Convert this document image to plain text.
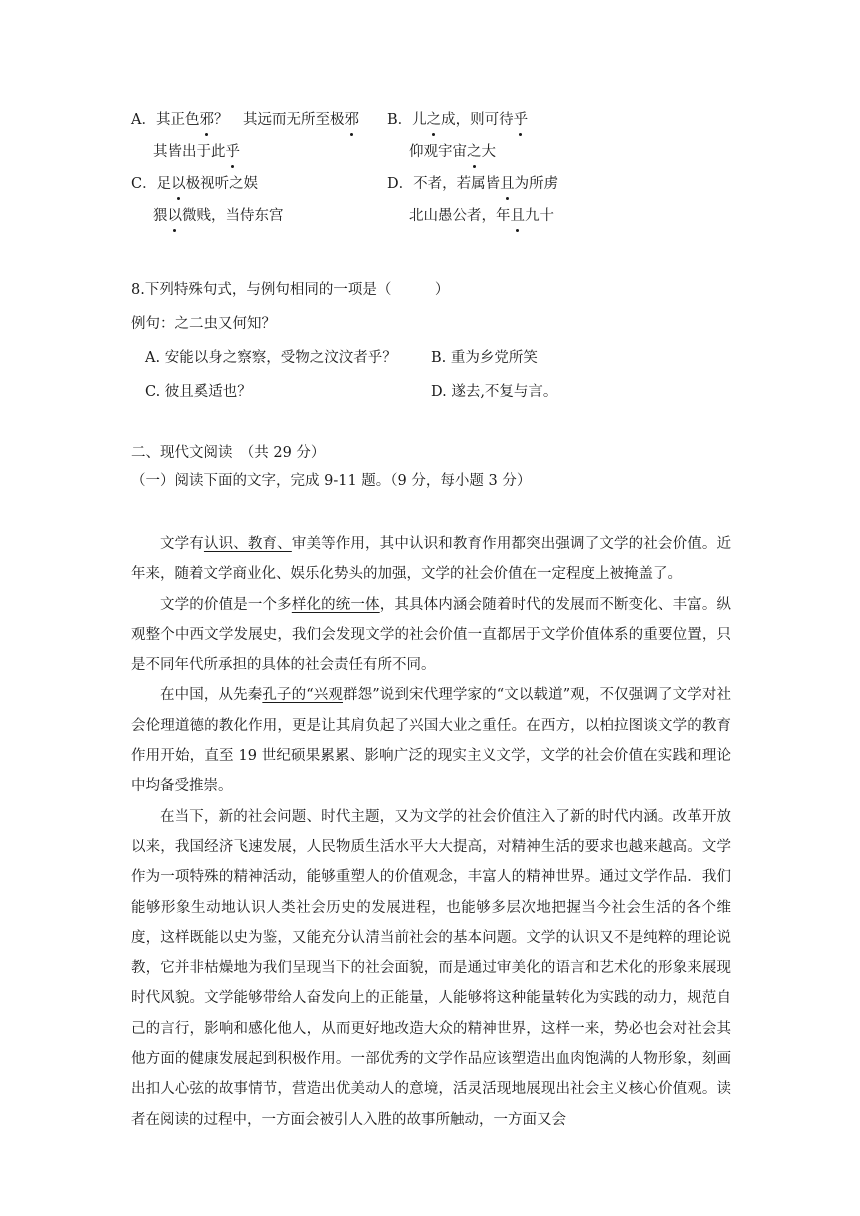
A．其正色邪？　其远而无所至极邪 B．儿之成，则可待乎
其皆出于此乎	仰观宇宙之大
C．足以极视听之娱	D．不者，若属皆且为所虏
猥以微贱，当侍东宫	北山愚公者，年且九十
8.下列特殊句式，与例句相同的一项是（　　　）
例句：之二虫又何知？
A. 安能以身之察察，受物之汶汶者乎？ B. 重为乡党所笑
C. 彼且奚适也？	D. 遂去,不复与言。
二、现代文阅读　（共 29 分）
（一）阅读下面的文字，完成 9-11 题。（9 分，每小题 3 分）

文学有认识、教育、审美等作用，其中认识和教育作用都突出强调了文学的社会价值。近年来，随着文学商业化、娱乐化势头的加强，文学的社会价值在一定程度上被掩盖了。

文学的价值是一个多样化的统一体，其具体内涵会随着时代的发展而不断变化、丰富。纵观整个中西文学发展史，我们会发现文学的社会价值一直都居于文学价值体系的重要位置，只是不同年代所承担的具体的社会责任有所不同。

在中国，从先秦孔子的“兴观群怨”说到宋代理学家的“文以载道”观，不仅强调了文学对社会伦理道德的教化作用，更是让其肩负起了兴国大业之重任。在西方，以柏拉图谈文学的教育作用开始，直至 19 世纪硕果累累、影响广泛的现实主义文学，文学的社会价值在实践和理论中均备受推崇。

在当下，新的社会问题、时代主题，又为文学的社会价值注入了新的时代内涵。改革开放以来，我国经济飞速发展，人民物质生活水平大大提高，对精神生活的要求也越来越高。文学作为一项特殊的精神活动，能够重塑人的价值观念，丰富人的精神世界。通过文学作品．我们能够形象生动地认识人类社会历史的发展进程，也能够多层次地把握当今社会生活的各个维度，这样既能以史为鉴，又能充分认清当前社会的基本问题。文学的认识又不是纯粹的理论说教，它并非枯燥地为我们呈现当下的社会面貌，而是通过审美化的语言和艺术化的形象来展现时代风貌。文学能够带给人奋发向上的正能量，人能够将这种能量转化为实践的动力，规范自己的言行，影响和感化他人，从而更好地改造大众的精神世界，这样一来，势必也会对社会其他方面的健康发展起到积极作用。一部优秀的文学作品应该塑造出血肉饱满的人物形象，刻画出扣人心弦的故事情节，营造出优美动人的意境，活灵活现地展现出社会主义核心价值观。读者在阅读的过程中，一方面会被引人入胜的故事所触动，一方面又会
